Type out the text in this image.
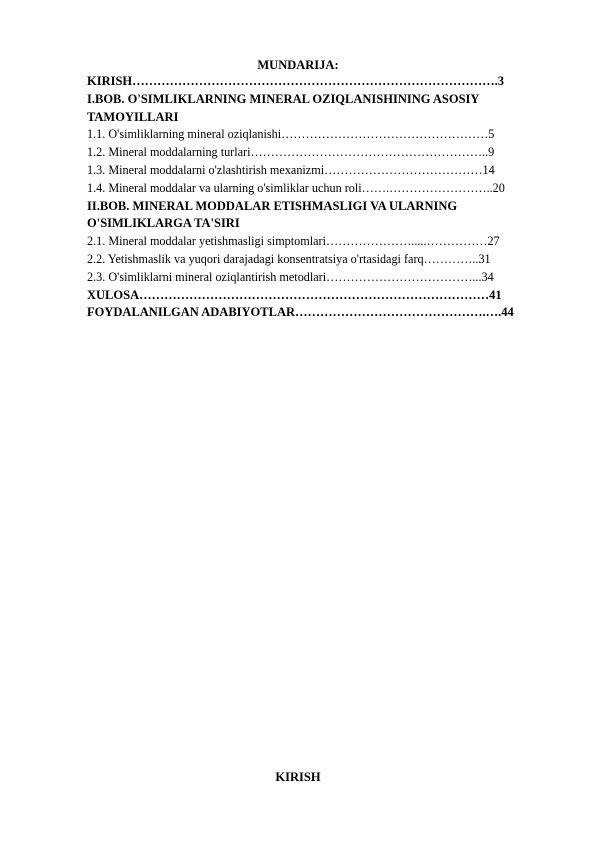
MUNDARIJA:
KIRISH…………………………………………………………………………….3
I.BOB. O'SIMLIKLARNING MINERAL OZIQLANISHINING ASOSIY TAMOYILLARI
1.1. O'simliklarning mineral oziqlanishi……………………………………………5
1.2. Mineral moddalarning turlari…………………………………………………..9
1.3. Mineral moddalarni o'zlashtirish mexanizmi…………………………………14
1.4. Mineral moddalar va ularning o'simliklar uchun roli…….……………………..20
II.BOB. MINERAL MODDALAR ETISHMASLIGI VA ULARNING O'SIMLIKLARGA TA'SIRI
2.1. Mineral moddalar yetishmasligi simptomlari………………….....……………27
2.2. Yetishmaslik va yuqori darajadagi konsentratsiya o'rtasidagi farq…………..31
2.3. O'simliklarni mineral oziqlantirish metodlari………………………………...34
XULOSA…………………………………………………………………………41
FOYDALANILGAN ADABIYOTLAR……………………………………….….44
KIRISH
